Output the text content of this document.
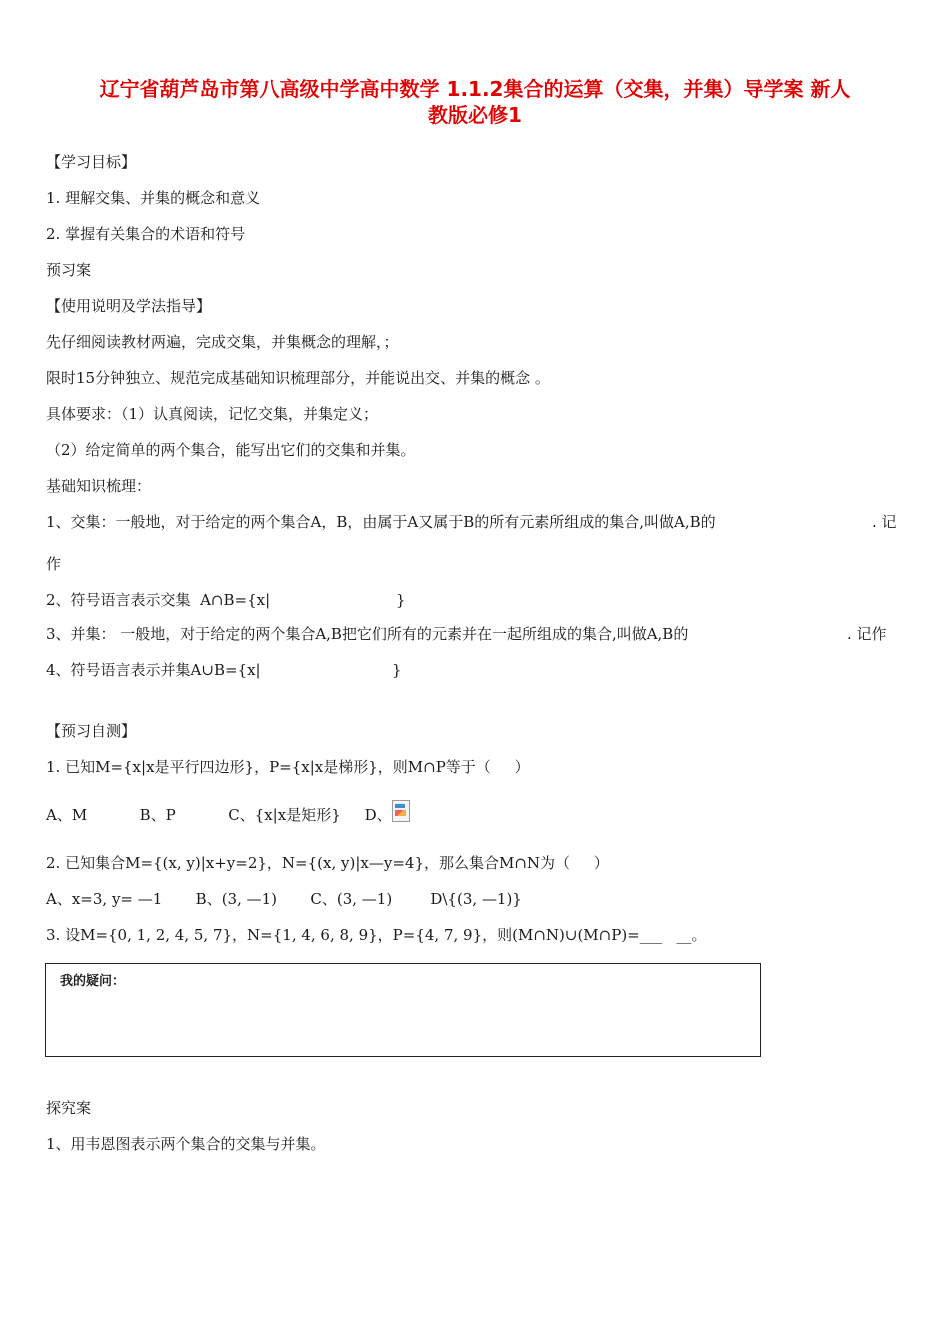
辽宁省葫芦岛市第八高级中学高中数学 1.1.2集合的运算（交集，并集）导学案 新人
教版必修1
【学习目标】
1. 理解交集、并集的概念和意义
2. 掌握有关集合的术语和符号
预习案
【使用说明及学法指导】
先仔细阅读教材两遍，完成交集，并集概念的理解，；
限时15分钟独立、规范完成基础知识梳理部分，并能说出交、并集的概念 。
具体要求：（1）认真阅读，记忆交集，并集定义；
（2）给定简单的两个集合，能写出它们的交集和并集。
基础知识梳理：
1、交集：一般地，对于给定的两个集合A，B，由属于A又属于B的所有元素所组成的集合,叫做A,B的	. 记
作
2、符号语言表示交集  A∩B={x|	}
3、并集： 一般地，对于给定的两个集合A,B把它们所有的元素并在一起所组成的集合,叫做A,B的	. 记作
4、符号语言表示并集A∪B={x|	}
【预习自测】
1. 已知M={x|x是平行四边形}，P={x|x是梯形}，则M∩P等于（     ）
A、M           B、P           C、{x|x是矩形}     D、
2. 已知集合M={(x, y)|x+y=2}，N={(x, y)|x—y=4}，那么集合M∩N为（     ）
A、x=3, y= —1       B、(3, —1)       C、(3, —1)        D\{(3, —1)}
3. 设M={0, 1, 2, 4, 5, 7}，N={1, 4, 6, 8, 9}，P={4, 7, 9}，则(M∩N)∪(M∩P)=___   __。
我的疑问：
探究案
1、用韦恩图表示两个集合的交集与并集。
